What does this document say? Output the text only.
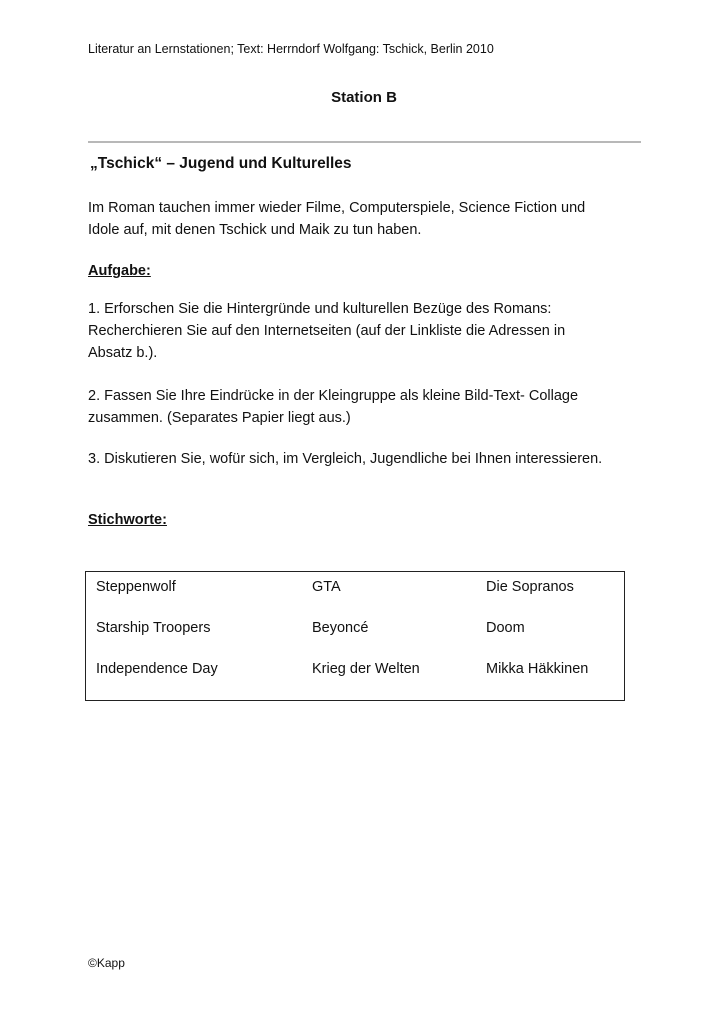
Literatur an Lernstationen; Text: Herrndorf Wolfgang: Tschick, Berlin 2010
Station B
„Tschick“ – Jugend und Kulturelles
Im Roman tauchen immer wieder Filme, Computerspiele, Science Fiction und
Idole auf, mit denen Tschick und Maik zu tun haben.
Aufgabe:
1. Erforschen Sie die Hintergründe und kulturellen Bezüge des Romans:
Recherchieren Sie auf den Internetseiten (auf der Linkliste die Adressen in
Absatz b.).
2. Fassen Sie Ihre Eindrücke in der Kleingruppe als kleine Bild-Text- Collage
zusammen. (Separates Papier liegt aus.)
3. Diskutieren Sie, wofür sich, im Vergleich, Jugendliche bei Ihnen interessieren.
Stichworte:
Steppenwolf	GTA	Die Sopranos
Starship Troopers	Beyoncé	Doom
Independence Day	Krieg der Welten	Mikka Häkkinen
©Kapp
